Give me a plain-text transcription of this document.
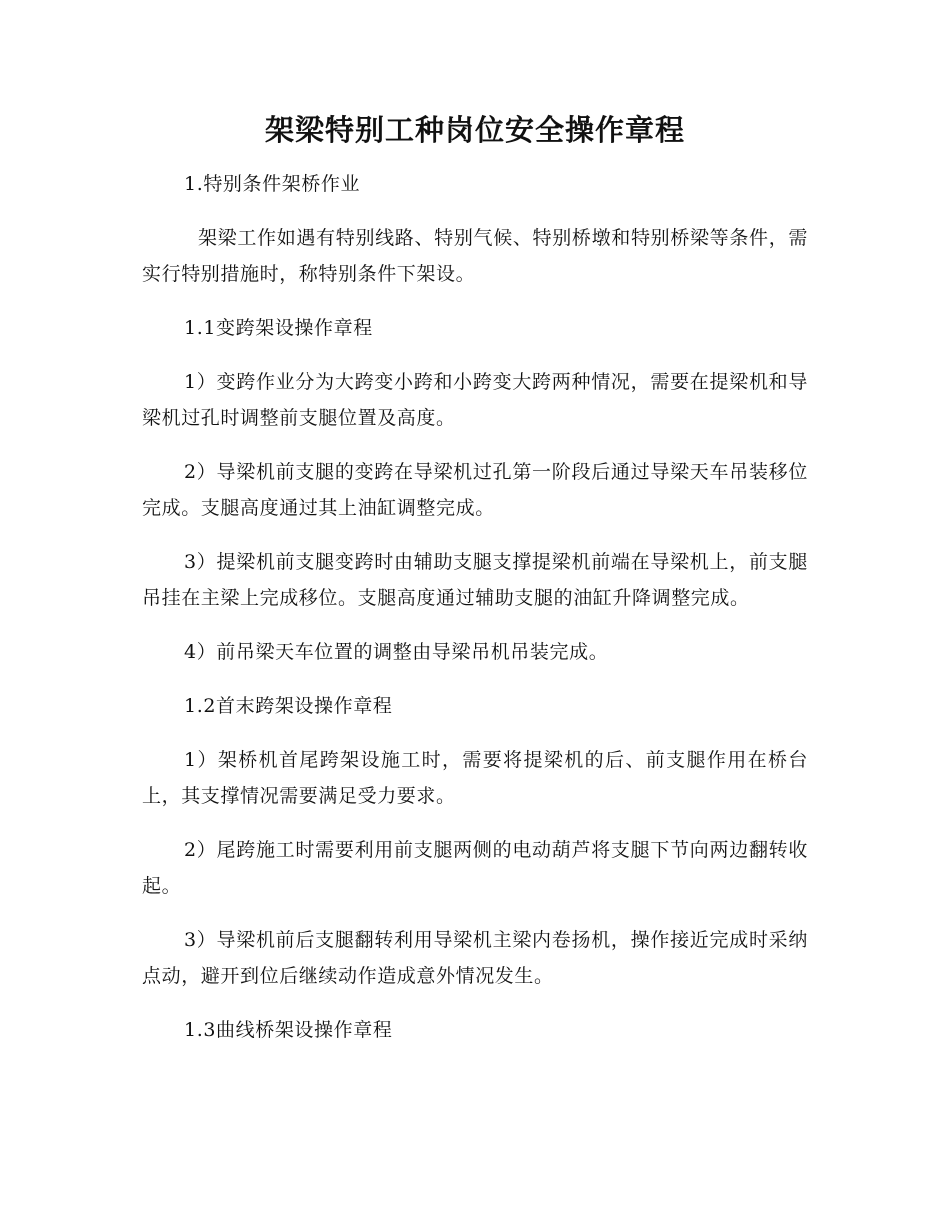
架梁特别工种岗位安全操作章程

1.特别条件架桥作业

架梁工作如遇有特别线路、特别气候、特别桥墩和特别桥梁等条件，需实行特别措施时，称特别条件下架设。

1.1变跨架设操作章程

1）变跨作业分为大跨变小跨和小跨变大跨两种情况，需要在提梁机和导梁机过孔时调整前支腿位置及高度。

2）导梁机前支腿的变跨在导梁机过孔第一阶段后通过导梁天车吊装移位完成。支腿高度通过其上油缸调整完成。

3）提梁机前支腿变跨时由辅助支腿支撑提梁机前端在导梁机上，前支腿吊挂在主梁上完成移位。支腿高度通过辅助支腿的油缸升降调整完成。

4）前吊梁天车位置的调整由导梁吊机吊装完成。

1.2首末跨架设操作章程

1）架桥机首尾跨架设施工时，需要将提梁机的后、前支腿作用在桥台上，其支撑情况需要满足受力要求。

2）尾跨施工时需要利用前支腿两侧的电动葫芦将支腿下节向两边翻转收起。

3）导梁机前后支腿翻转利用导梁机主梁内卷扬机，操作接近完成时采纳点动，避开到位后继续动作造成意外情况发生。

1.3曲线桥架设操作章程
